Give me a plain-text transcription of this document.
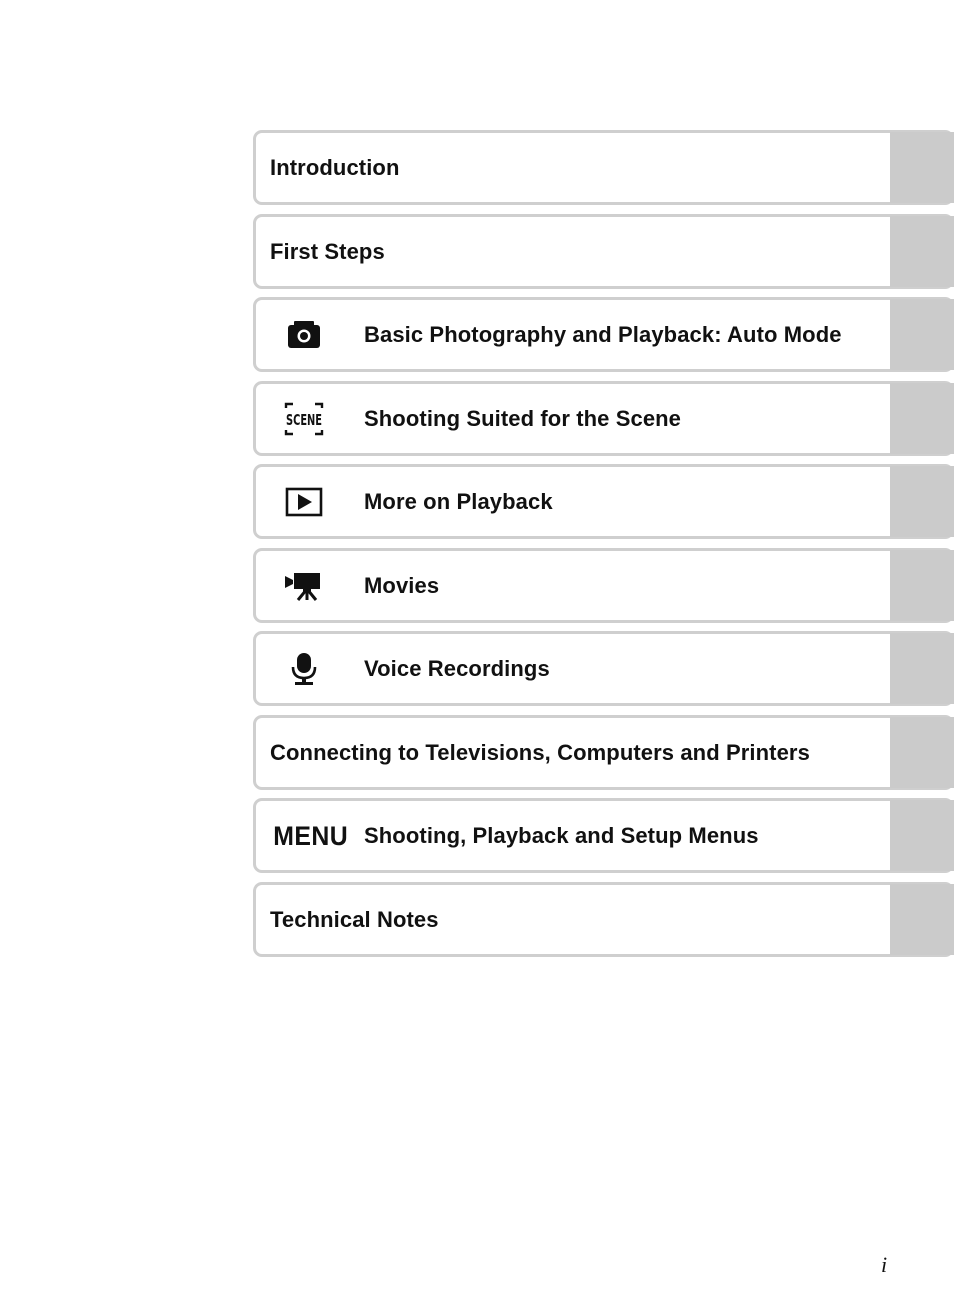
Introduction
First Steps
Basic Photography and Playback: Auto Mode
SCENE Shooting Suited for the Scene
More on Playback
Movies
Voice Recordings
Connecting to Televisions, Computers and Printers
MENU Shooting, Playback and Setup Menus
Technical Notes
i
